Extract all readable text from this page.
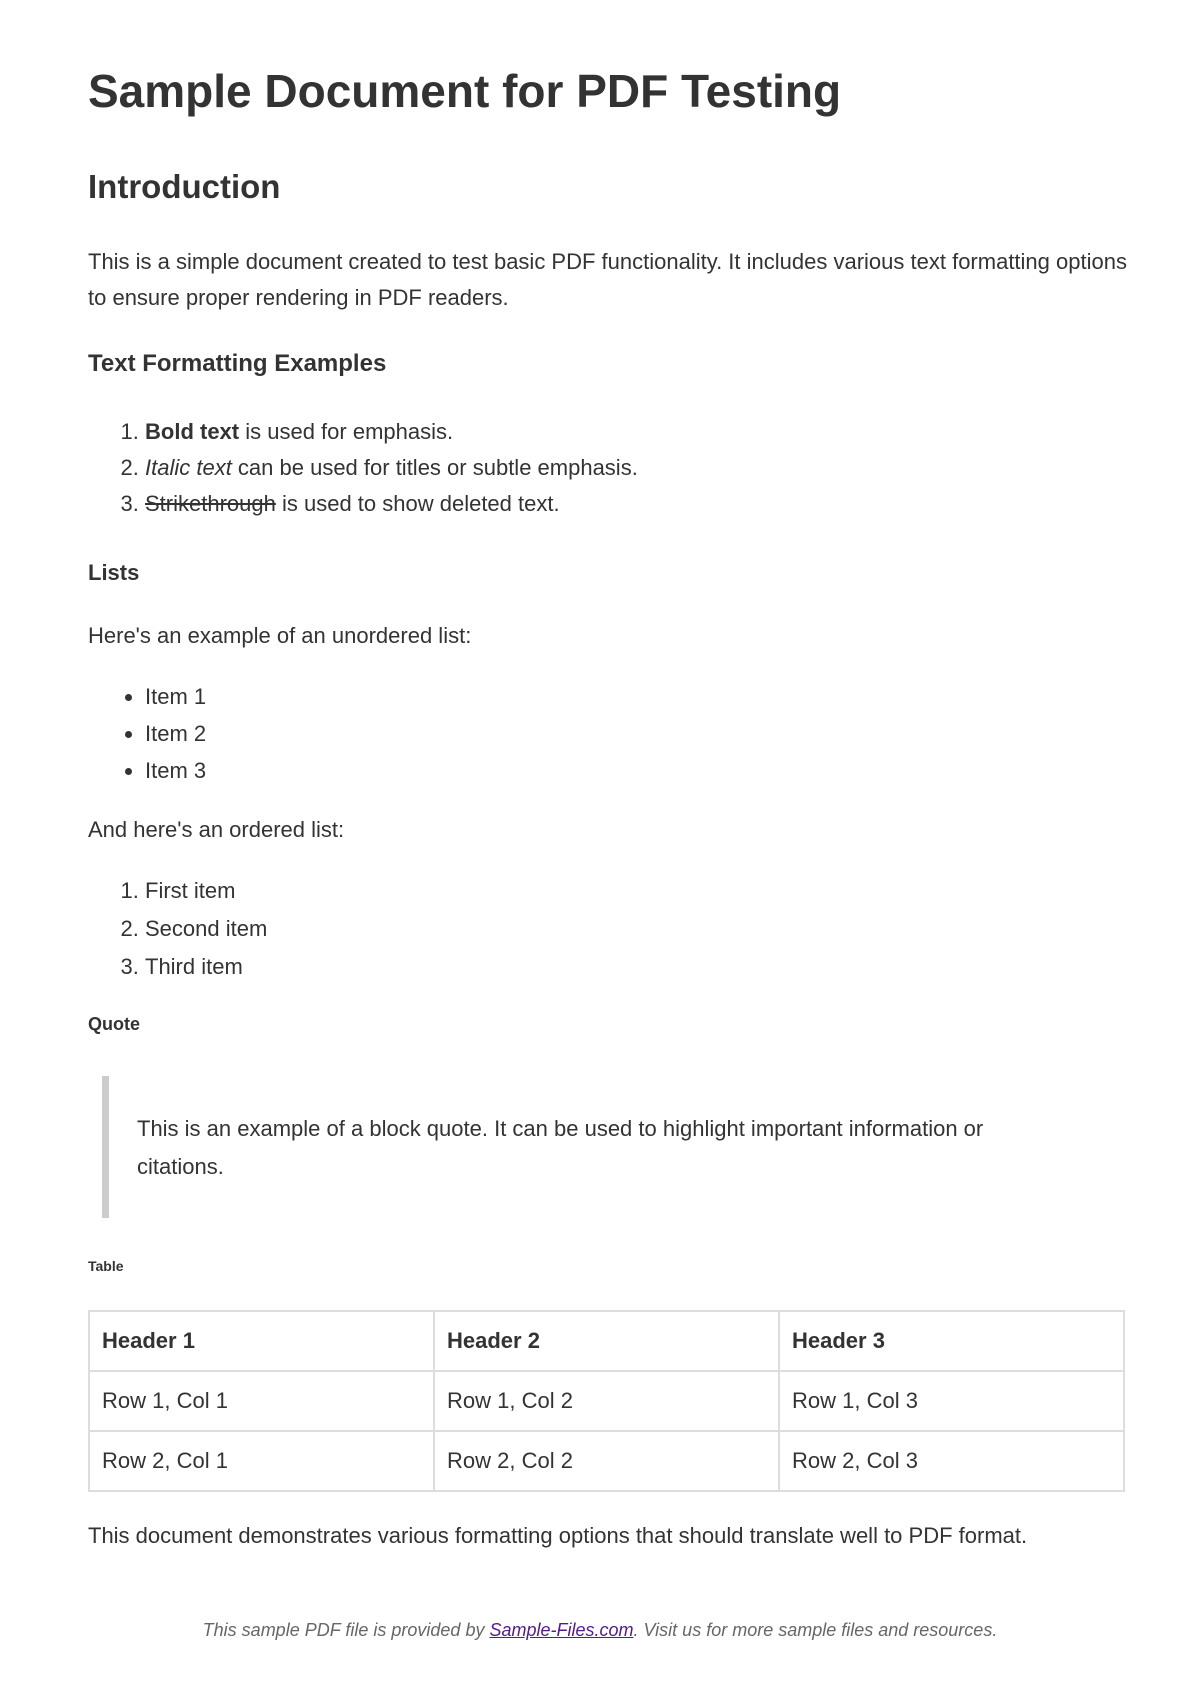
Sample Document for PDF Testing
Introduction

This is a simple document created to test basic PDF functionality. It includes various text formatting options to ensure proper rendering in PDF readers.

Text Formatting Examples
1. Bold text is used for emphasis.
2. Italic text can be used for titles or subtle emphasis.
3. Strikethrough is used to show deleted text.
Lists

Here's an example of an unordered list:

• Item 1
• Item 2
• Item 3

And here's an ordered list:

1. First item
2. Second item
3. Third item
Quote

This is an example of a block quote. It can be used to highlight important information or citations.

Table
Header 1	Header 2	Header 3
Row 1, Col 1	Row 1, Col 2	Row 1, Col 3
Row 2, Col 1	Row 2, Col 2	Row 2, Col 3

This document demonstrates various formatting options that should translate well to PDF format.

This sample PDF file is provided by Sample-Files.com. Visit us for more sample files and resources.
